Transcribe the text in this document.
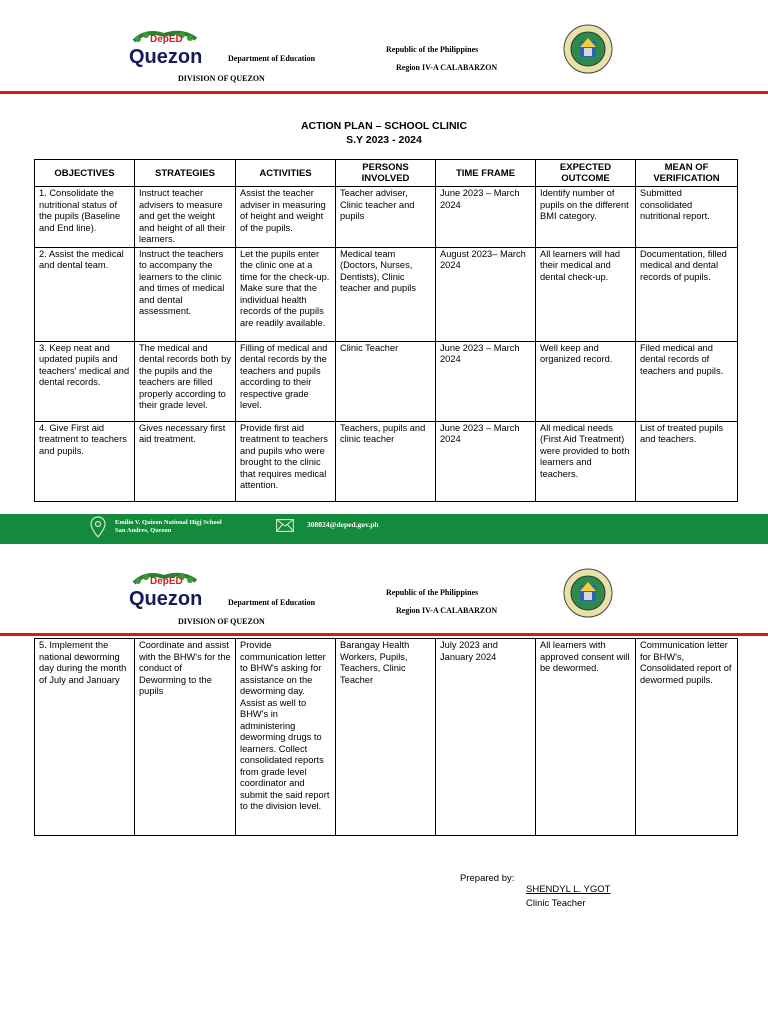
DepED
Quezon	Department of Education
DIVISION OF QUEZON
Republic of the Philippines
Region IV-A CALABARZON
ACTION PLAN – SCHOOL CLINIC
S.Y 2023 - 2024
OBJECTIVES	STRATEGIES	ACTIVITIES	PERSONS INVOLVED	TIME FRAME	EXPECTED OUTCOME	MEAN OF VERIFICATION
1. Consolidate the nutritional status of the pupils (Baseline and End line).	Instruct teacher advisers to measure and get the weight and height of all their learners.	Assist the teacher adviser in measuring of height and weight of the pupils.	Teacher adviser, Clinic teacher and pupils	June 2023 – March 2024	Identify number of pupils on the different BMI category.	Submitted consolidated nutritional report.
2. Assist the medical and dental team.	Instruct the teachers to accompany the learners to the clinic and times of medical and dental assessment.	Let the pupils enter the clinic one at a time for the check-up. Make sure that the individual health records of the pupils are readily available.	Medical team (Doctors, Nurses, Dentists), Clinic teacher and pupils	August 2023– March 2024	All learners will had their medical and dental check-up.	Documentation, filled medical and dental records of pupils.
3. Keep neat and updated pupils and teachers' medical and dental records.	The medical and dental records both by the pupils and the teachers are filled properly according to their grade level.	Filling of medical and dental records by the teachers and pupils according to their respective grade level.	Clinic Teacher	June 2023 – March 2024	Well keep and organized record.	Filed medical and dental records of teachers and pupils.
4. Give First aid treatment to teachers and pupils.	Gives necessary first aid treatment.	Provide first aid treatment to teachers and pupils who were brought to the clinic that requires medical attention.	Teachers, pupils and clinic teacher	June 2023 – March 2024	All medical needs (First Aid Treatment) were provided to both learners and teachers.	List of treated pupils and teachers.
Emilio V. Quizon National Higj School
San Andres, Quezon
308024@deped.gov.ph
DepED
Quezon	Department of Education
DIVISION OF QUEZON
Republic of the Philippines
Region IV-A CALABARZON
5. Implement the national deworming day during the month of July and January	Coordinate and assist with the BHW's for the conduct of Deworming to the pupils	Provide communication letter to BHW's asking for assistance on the deworming day. Assist as well to BHW's in administering deworming drugs to learners. Collect consolidated reports from grade level coordinator and submit the said report to the division level.	Barangay Health Workers, Pupils, Teachers, Clinic Teacher	July 2023 and January 2024	All learners with approved consent will be dewormed.	Communication letter for BHW's, Consolidated report of dewormed pupils.
Prepared by:
SHENDYL L. YGOT
Clinic Teacher
